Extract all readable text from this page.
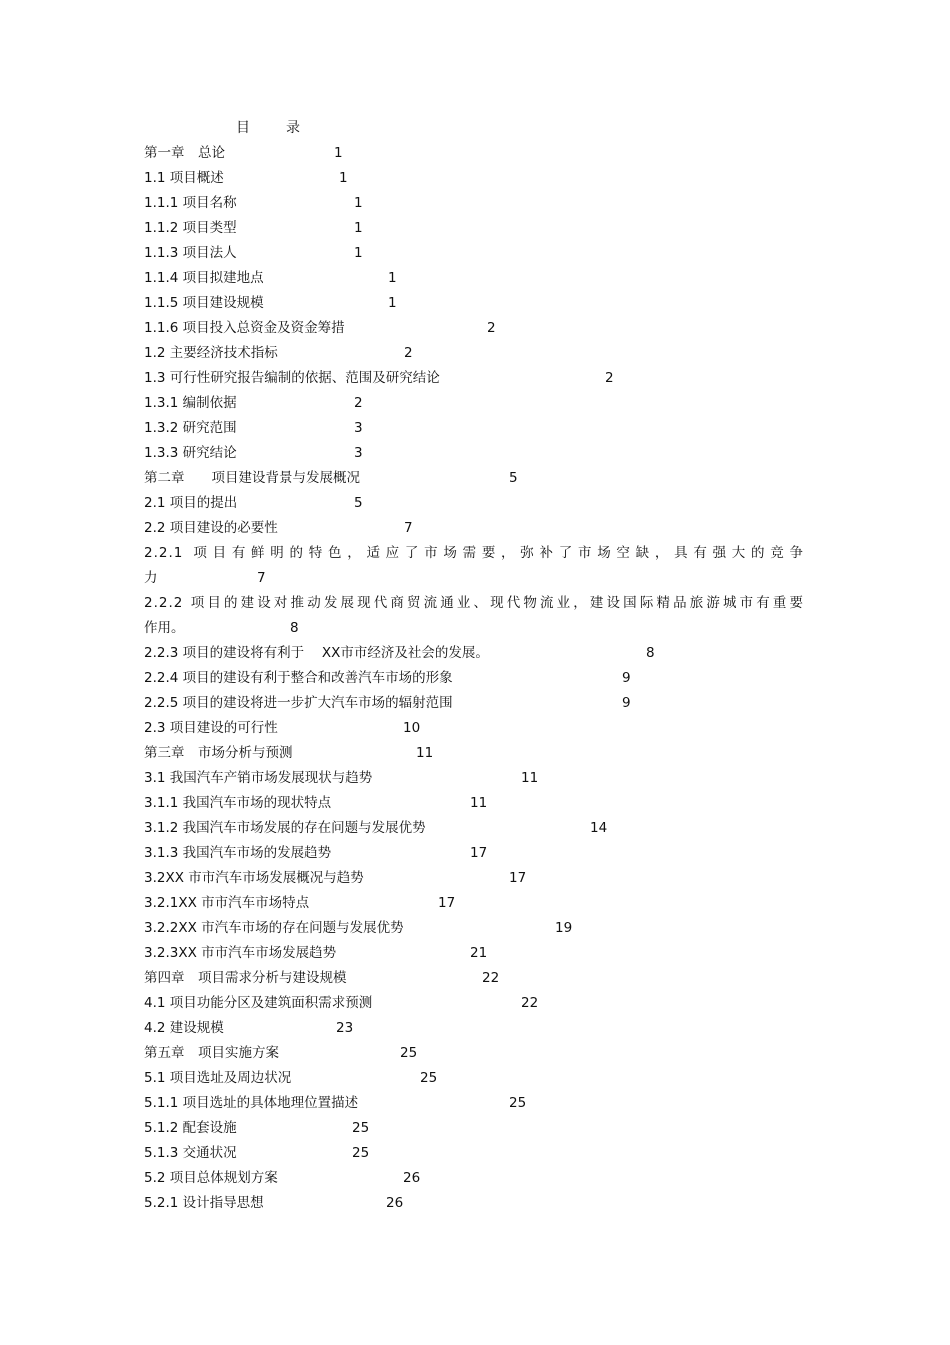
目	录
第一章　总论	1
1.1 项目概述	1
1.1.1 项目名称	1
1.1.2 项目类型	1
1.1.3 项目法人	1
1.1.4 项目拟建地点	1
1.1.5 项目建设规模	1
1.1.6 项目投入总资金及资金筹措	2
1.2 主要经济技术指标	2
1.3 可行性研究报告编制的依据、范围及研究结论	2
1.3.1 编制依据	2
1.3.2 研究范围	3
1.3.3 研究结论	3
第二章　　项目建设背景与发展概况	5
2.1 项目的提出	5
2.2 项目建设的必要性	7
2.2.1 项目有鲜明的特色，适应了市场需要，弥补了市场空缺，具有强大的竞争
力	7
2.2.2 项目的建设对推动发展现代商贸流通业、现代物流业，建设国际精品旅游城市有重要
作用。	8
2.2.3 项目的建设将有利于　 XX市市经济及社会的发展。	8
2.2.4 项目的建设有利于整合和改善汽车市场的形象	9
2.2.5 项目的建设将进一步扩大汽车市场的辐射范围	9
2.3 项目建设的可行性	10
第三章　市场分析与预测	11
3.1 我国汽车产销市场发展现状与趋势	11
3.1.1 我国汽车市场的现状特点	11
3.1.2 我国汽车市场发展的存在问题与发展优势	14
3.1.3 我国汽车市场的发展趋势	17
3.2XX 市市汽车市场发展概况与趋势	17
3.2.1XX 市市汽车市场特点	17
3.2.2XX 市汽车市场的存在问题与发展优势	19
3.2.3XX 市市汽车市场发展趋势	21
第四章　项目需求分析与建设规模	22
4.1 项目功能分区及建筑面积需求预测	22
4.2 建设规模	23
第五章　项目实施方案	25
5.1 项目选址及周边状况	25
5.1.1 项目选址的具体地理位置描述	25
5.1.2 配套设施	25
5.1.3 交通状况	25
5.2 项目总体规划方案	26
5.2.1 设计指导思想	26
